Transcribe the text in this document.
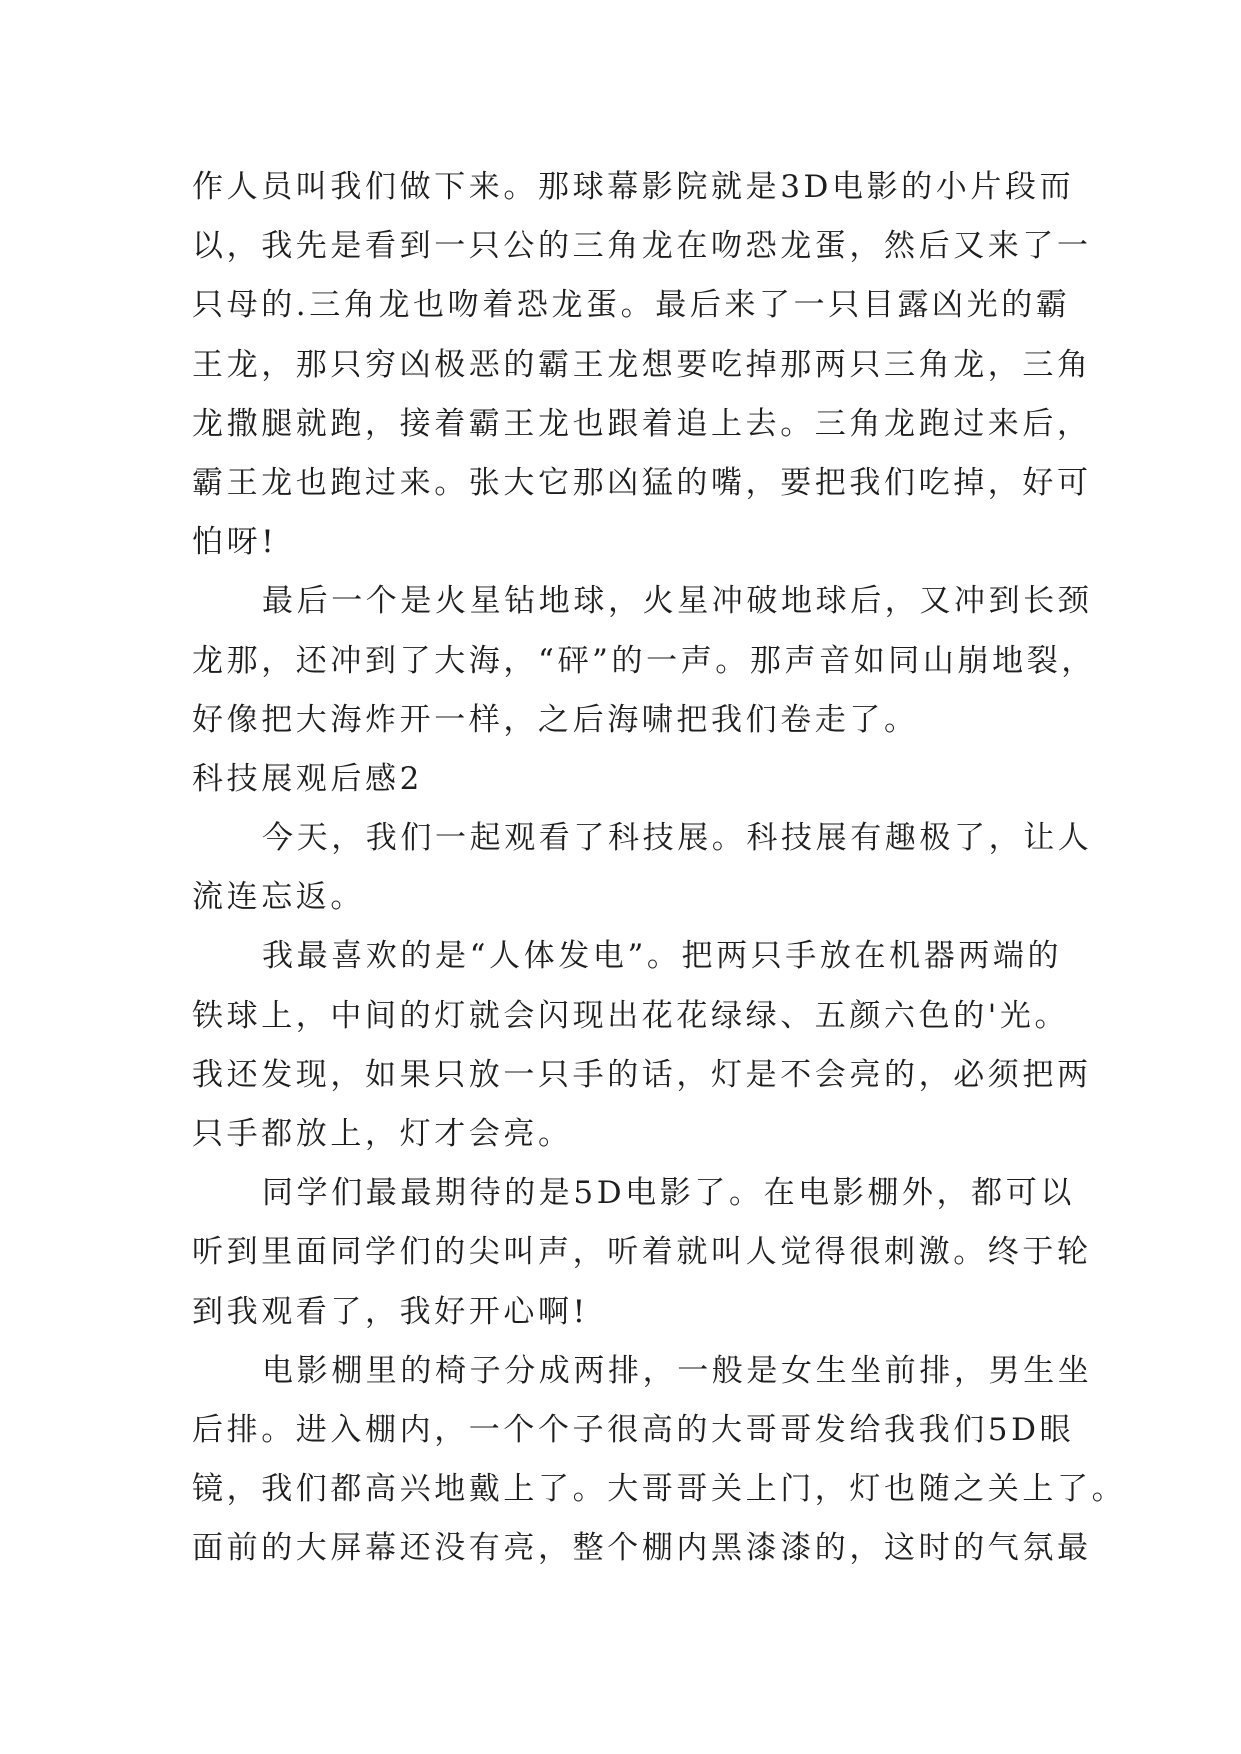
作人员叫我们做下来。那球幕影院就是3D电影的小片段而
以，我先是看到一只公的三角龙在吻恐龙蛋，然后又来了一
只母的.三角龙也吻着恐龙蛋。最后来了一只目露凶光的霸
王龙，那只穷凶极恶的霸王龙想要吃掉那两只三角龙，三角
龙撒腿就跑，接着霸王龙也跟着追上去。三角龙跑过来后，
霸王龙也跑过来。张大它那凶猛的嘴，要把我们吃掉，好可
怕呀!
最后一个是火星钻地球，火星冲破地球后，又冲到长颈
龙那，还冲到了大海，“砰”的一声。那声音如同山崩地裂，
好像把大海炸开一样，之后海啸把我们卷走了。
科技展观后感2
今天，我们一起观看了科技展。科技展有趣极了，让人
流连忘返。
我最喜欢的是“人体发电”。把两只手放在机器两端的
铁球上，中间的灯就会闪现出花花绿绿、五颜六色的'光。
我还发现，如果只放一只手的话，灯是不会亮的，必须把两
只手都放上，灯才会亮。
同学们最最期待的是5D电影了。在电影棚外，都可以
听到里面同学们的尖叫声，听着就叫人觉得很刺激。终于轮
到我观看了，我好开心啊!
电影棚里的椅子分成两排，一般是女生坐前排，男生坐
后排。进入棚内，一个个子很高的大哥哥发给我我们5D眼
镜，我们都高兴地戴上了。大哥哥关上门，灯也随之关上了。
面前的大屏幕还没有亮，整个棚内黑漆漆的，这时的气氛最
